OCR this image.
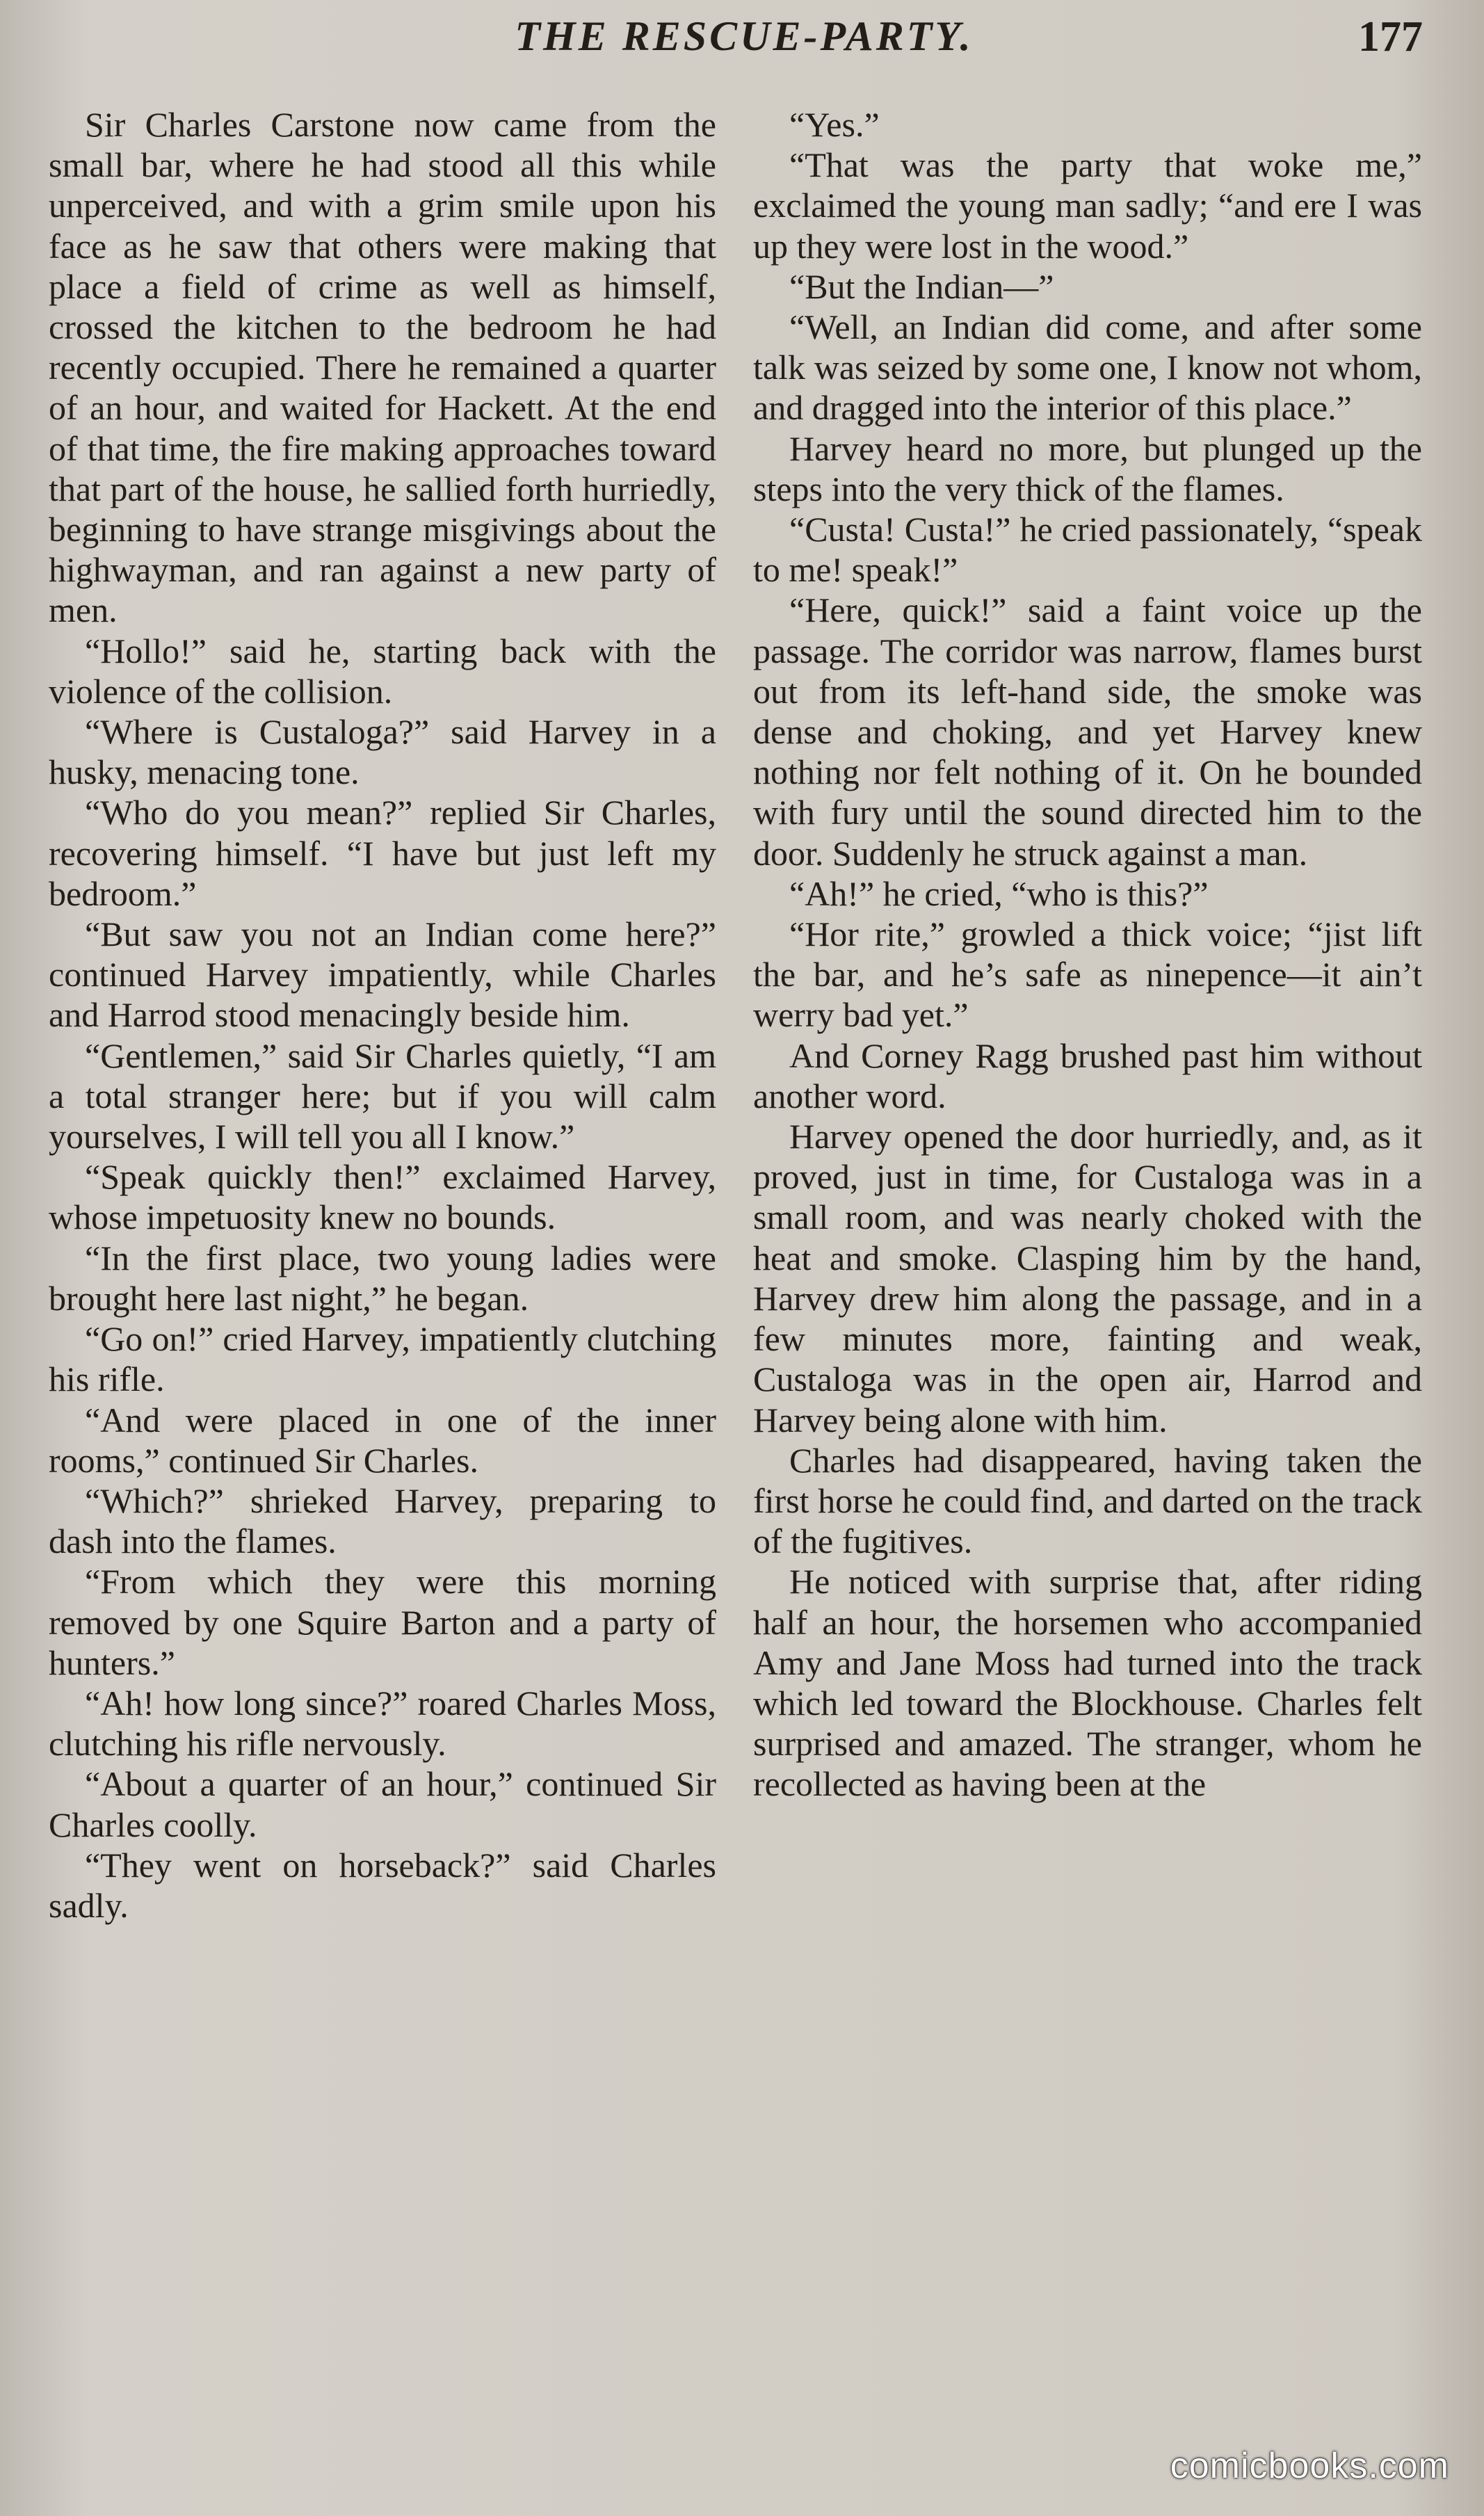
THE RESCUE-PARTY.	177

Sir Charles Carstone now came from the small bar, where he had stood all this while unperceived, and with a grim smile upon his face as he saw that others were making that place a field of crime as well as himself, crossed the kitchen to the bedroom he had recently occupied. There he remained a quarter of an hour, and waited for Hackett. At the end of that time, the fire making approaches toward that part of the house, he sallied forth hurriedly, beginning to have strange misgivings about the highwayman, and ran against a new party of men.

“Hollo!” said he, starting back with the violence of the collision.

“Where is Custaloga?” said Harvey in a husky, menacing tone.

“Who do you mean?” replied Sir Charles, recovering himself. “I have but just left my bedroom.”

“But saw you not an Indian come here?” continued Harvey impatiently, while Charles and Harrod stood menacingly beside him.

“Gentlemen,” said Sir Charles quietly, “I am a total stranger here; but if you will calm yourselves, I will tell you all I know.”

“Speak quickly then!” exclaimed Harvey, whose impetuosity knew no bounds.

“In the first place, two young ladies were brought here last night,” he began.

“Go on!” cried Harvey, impatiently clutching his rifle.

“And were placed in one of the inner rooms,” continued Sir Charles.

“Which?” shrieked Harvey, preparing to dash into the flames.

“From which they were this morning removed by one Squire Barton and a party of hunters.”

“Ah! how long since?” roared Charles Moss, clutching his rifle nervously.

“About a quarter of an hour,” continued Sir Charles coolly.

“They went on horseback?” said Charles sadly.

“Yes.”

“That was the party that woke me,” exclaimed the young man sadly; “and ere I was up they were lost in the wood.”

“But the Indian—”

“Well, an Indian did come, and after some talk was seized by some one, I know not whom, and dragged into the interior of this place.”

Harvey heard no more, but plunged up the steps into the very thick of the flames.

“Custa! Custa!” he cried passionately, “speak to me! speak!”

“Here, quick!” said a faint voice up the passage. The corridor was narrow, flames burst out from its left-hand side, the smoke was dense and choking, and yet Harvey knew nothing nor felt nothing of it. On he bounded with fury until the sound directed him to the door. Suddenly he struck against a man.

“Ah!” he cried, “who is this?”

“Hor rite,” growled a thick voice; “jist lift the bar, and he’s safe as ninepence—it ain’t werry bad yet.”

And Corney Ragg brushed past him without another word.

Harvey opened the door hurriedly, and, as it proved, just in time, for Custaloga was in a small room, and was nearly choked with the heat and smoke. Clasping him by the hand, Harvey drew him along the passage, and in a few minutes more, fainting and weak, Custaloga was in the open air, Harrod and Harvey being alone with him.

Charles had disappeared, having taken the first horse he could find, and darted on the track of the fugitives.

He noticed with surprise that, after riding half an hour, the horsemen who accompanied Amy and Jane Moss had turned into the track which led toward the Blockhouse. Charles felt surprised and amazed. The stranger, whom he recollected as having been at the

comicbooks.com
